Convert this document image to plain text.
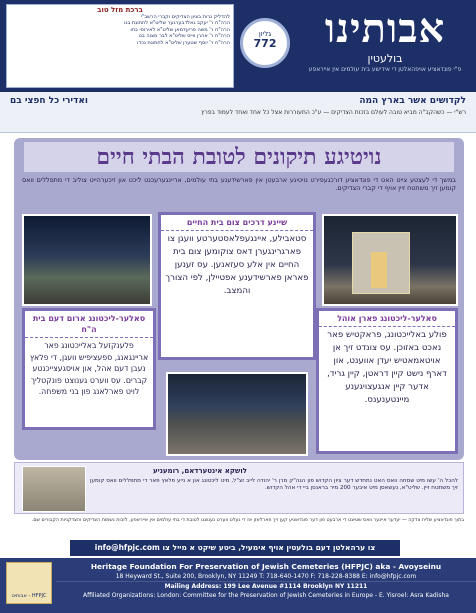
אבותינו
בולעטין
פ"י פונדאציע אויפהאלטן די אידישע בית עולמים אין אייראפע
גליון
772
ברכת מזל טוב
להדליק נרות בציון הצדיקים וקברי הרשב"י
הרה"ח ר' יעקב גאלדבערגער שליט"א לחתונת בנו
הרה"ח ר' משה פריעדמאן שליט"א לאירוסי בתו
הרה"ח ר' אהרן ווייס שליט"א לבר מצוה בנו
הרה"ח ר' יוסף שטערן שליט"א לחתונת נכדו
לקדושים אשר בארץ המה
ואדירי כל חפצי בם
רש"י — כשהקב"ה מביא טובה לעולם בזכות הצדיקים — ע"כ התעוררות אצל כל אחד ואחד לעמוד בפרץ
נויטיגע תיקונים לטובת הבתי חיים
במשך די לעצטע צייט האט די פונדאציע דורכגעפירט נויטיגע ארבעטן אין פארשידענע בתי עולמים, אריינגערעכנט ליכט און זיכערהייט צוליב די מתפללים וואס קומען זיך משתטח זיין אויף די קברי הצדיקים.
שיינע דרכים צום בית החיים
סטאבילע, איינגעפלאסטערטע וועגן צו פארגרינגערן דאס צוקומען צום בית החיים אין אלע סעזאנען. עס זענען פאראן פארשידענע אפטיילן, לפי הצורך והמצב.
סאלער-ליכטונג ארום דעם בית ה"ח
פלענקזעל באלייכטונג פאר אריינגאנג, ספעציפיש וועגן, די פלאץ נעבן דעם אהל, און אויסגעצייכנטע קברים. עס ווערט גענוצט פונקטליך לויט פארלאנג פון בני משפחה.
סאלער-ליכטונג פארן אוהל
פולע באלייכטונג, פראקטיש פאר נאכט באזוכן. עס צונדט זיך אן אויטאמאטיש יעדן אווענט, און דארף נישט קיין דראטן, קיין גריד, אדער קיין אנגעצויגענע מיינטענענס.
לושקא אינטערדאם, רומעניע
להכל ה' עשו מיט שמחה וואס האט נתחדש דער ציון הקדוש פון הגה"ק מרן ר' יהודה לייב זצ"ל, מיט ליכטונג און א נייע פלאץ פאר די מתפללים וואס קומען זיך משתטח זיין. שליט"א, נעשאסן מיט איבער 200 מיר בראנסן ביי די אהל הקדוש.
בתוך פונדאציע שליח צדקה — יעדער איינער וואס שטיצט די ארבעט פון דער פונדאציע קען זיך פארלאזן אז די געלט ווערט גענוצט לטובת די בתי עולמים אין אייראפע, לזכות נשמות הצדיקים והצדקניות הקבורים שם.
info@hfpjc.com צו ערהאלטן דעם בולעטין אויף אימעיל, ביטע שיקט א מייל צו
Heritage Foundation For Preservation of Jewish Cemeteries (HFPJC) aka - Avoyseinu
18 Heyward St., Suite 200, Brooklyn, NY 11249 T: 718-640-1470 F: 718-228-8388 E: info@hfpjc.com
Mailing Address: 199 Lee Avenue #1114 Brooklyn NY 11211
Affiliated Organizations: London: Committee for the Preservation of Jewish Cemeteries in Europe - E. Yisroel: Asra Kadisha
אבותינו - HFPJC
